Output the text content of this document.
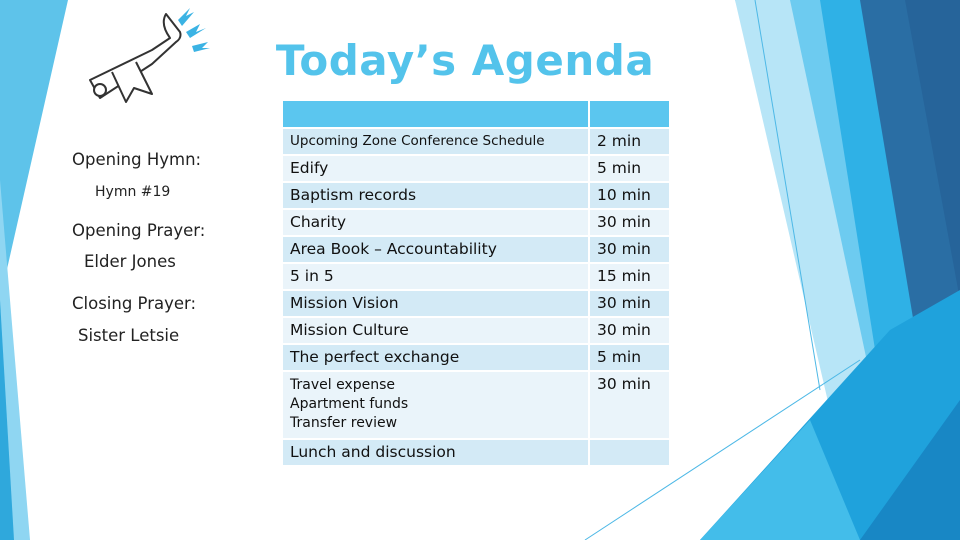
Today’s Agenda
Opening Hymn:
Hymn #19
Opening Prayer:
Elder Jones
Closing Prayer:
Sister Letsie

Upcoming Zone Conference Schedule	2 min
Edify	5 min
Baptism records	10 min
Charity	30 min
Area Book – Accountability	30 min
5 in 5	15 min
Mission Vision	30 min
Mission Culture	30 min
The perfect exchange	5 min

Travel expense
Apartment funds
Transfer review	30 min
Lunch and discussion	
